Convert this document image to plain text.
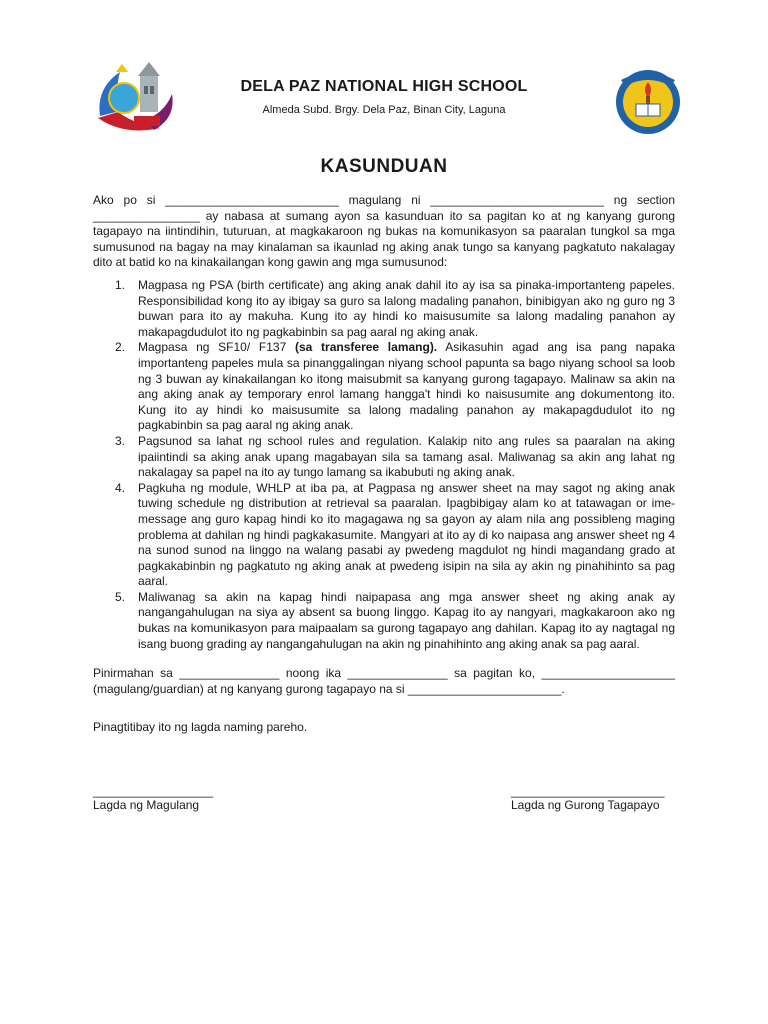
DELA PAZ NATIONAL HIGH SCHOOL
Almeda Subd. Brgy. Dela Paz, Binan City, Laguna
KASUNDUAN
Ako po si __________________________ magulang ni __________________________ ng section ________________ ay nabasa at sumang ayon sa kasunduan ito sa pagitan ko at ng kanyang gurong tagapayo na iintindihin, tuturuan, at magkakaroon ng bukas na komunikasyon sa paaralan tungkol sa mga sumusunod na bagay na may kinalaman sa ikaunlad ng aking anak tungo sa kanyang pagkatuto nakalagay dito at batid ko na kinakailangan kong gawin ang mga sumusunod:
1. Magpasa ng PSA (birth certificate) ang aking anak dahil ito ay isa sa pinaka-importanteng papeles. Responsibilidad kong ito ay ibigay sa guro sa lalong madaling panahon, binibigyan ako ng guro ng 3 buwan para ito ay makuha. Kung ito ay hindi ko maisusumite sa lalong madaling panahon ay makapagdudulot ito ng pagkabinbin sa pag aaral ng aking anak.
2. Magpasa ng SF10/ F137 (sa transferee lamang). Asikasuhin agad ang isa pang napaka importanteng papeles mula sa pinanggalingan niyang school papunta sa bago niyang school sa loob ng 3 buwan ay kinakailangan ko itong maisubmit sa kanyang gurong tagapayo. Malinaw sa akin na ang aking anak ay temporary enrol lamang hangga't hindi ko naisusumite ang dokumentong ito. Kung ito ay hindi ko maisusumite sa lalong madaling panahon ay makapagdudulot ito ng pagkabinbin sa pag aaral ng aking anak.
3. Pagsunod sa lahat ng school rules and regulation. Kalakip nito ang rules sa paaralan na aking ipaiintindi sa aking anak upang magabayan sila sa tamang asal. Maliwanag sa akin ang lahat ng nakalagay sa papel na ito ay tungo lamang sa ikabubuti ng aking anak.
4. Pagkuha ng module, WHLP at iba pa, at Pagpasa ng answer sheet na may sagot ng aking anak tuwing schedule ng distribution at retrieval sa paaralan. Ipagbibigay alam ko at tatawagan or ime-message ang guro kapag hindi ko ito magagawa ng sa gayon ay alam nila ang possibleng maging problema at dahilan ng hindi pagkakasumite. Mangyari at ito ay di ko naipasa ang answer sheet ng 4 na sunod sunod na linggo na walang pasabi ay pwedeng magdulot ng hindi magandang grado at pagkakabinbin ng pagkatuto ng aking anak at pwedeng isipin na sila ay akin ng pinahihinto sa pag aaral.
5. Maliwanag sa akin na kapag hindi naipapasa ang mga answer sheet ng aking anak ay nangangahulugan na siya ay absent sa buong linggo. Kapag ito ay nangyari, magkakaroon ako ng bukas na komunikasyon para maipaalam sa gurong tagapayo ang dahilan. Kapag ito ay nagtagal ng isang buong grading ay nangangahulugan na akin ng pinahihinto ang aking anak sa pag aaral.
Pinirmahan sa _______________ noong ika _______________ sa pagitan ko, ____________________ (magulang/guardian) at ng kanyang gurong tagapayo na si _______________________.
Pinagtitibay ito ng lagda naming pareho.
__________________
Lagda ng Magulang
_______________________
Lagda ng Gurong Tagapayo
